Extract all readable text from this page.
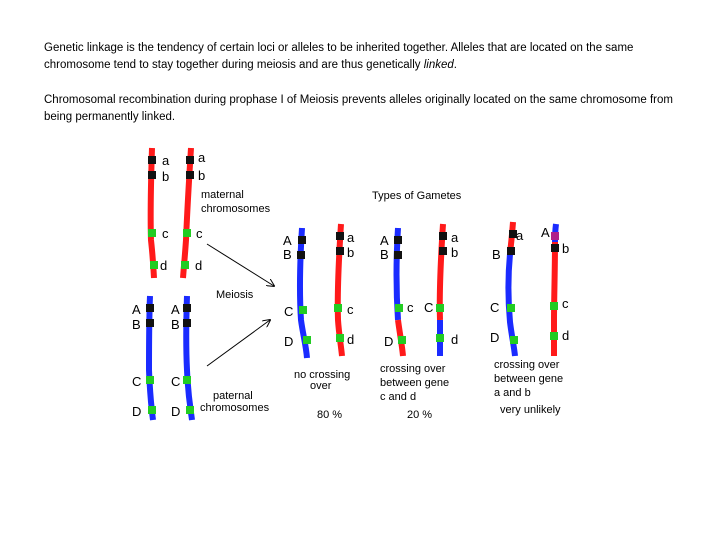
Genetic linkage is the tendency of certain loci or alleles to be inherited together. Alleles that are located on the same chromosome tend to stay together during meiosis and are thus genetically linked.
Chromosomal recombination during prophase I of Meiosis prevents alleles originally located on the same chromosome from being permanently linked.
a
b
c
d
a
b
c
d
maternal
chromosomes
A
B
C
D
A
B
C
D
paternal
chromosomes
Meiosis
Types of Gametes
A
B
C
D
a
b
c
d
no crossing
over
80 %
A
B
c
D
a
b
C
d
crossing over
between gene
c and d
20 %
a
B
C
D
A
b
c
d
crossing over
between gene
a and b
very unlikely
